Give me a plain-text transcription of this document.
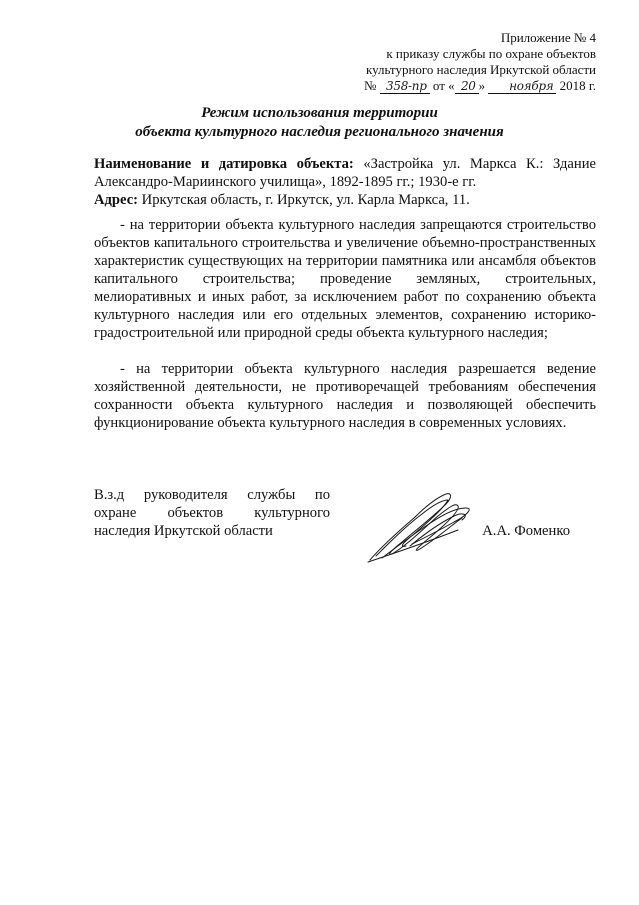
Приложение № 4
к приказу службы по охране объектов
культурного наследия Иркутской области
№ 358-пр от « 20 » ноября 2018 г.
Режим использования территории
объекта культурного наследия регионального значения

Наименование и датировка объекта: «Застройка ул. Маркса К.: Здание Александро-Мариинского училища», 1892-1895 гг.; 1930-е гг.

Адрес: Иркутская область, г. Иркутск, ул. Карла Маркса, 11.

- на территории объекта культурного наследия запрещаются строительство объектов капитального строительства и увеличение объемно-пространственных характеристик существующих на территории памятника или ансамбля объектов капитального строительства; проведение земляных, строительных, мелиоративных и иных работ, за исключением работ по сохранению объекта культурного наследия или его отдельных элементов, сохранению историко-градостроительной или природной среды объекта культурного наследия;

- на территории объекта культурного наследия разрешается ведение хозяйственной деятельности, не противоречащей требованиям обеспечения сохранности объекта культурного наследия и позволяющей обеспечить функционирование объекта культурного наследия в современных условиях.

В.з.д руководителя службы по
охране объектов культурного
наследия Иркутской области	А.А. Фоменко
